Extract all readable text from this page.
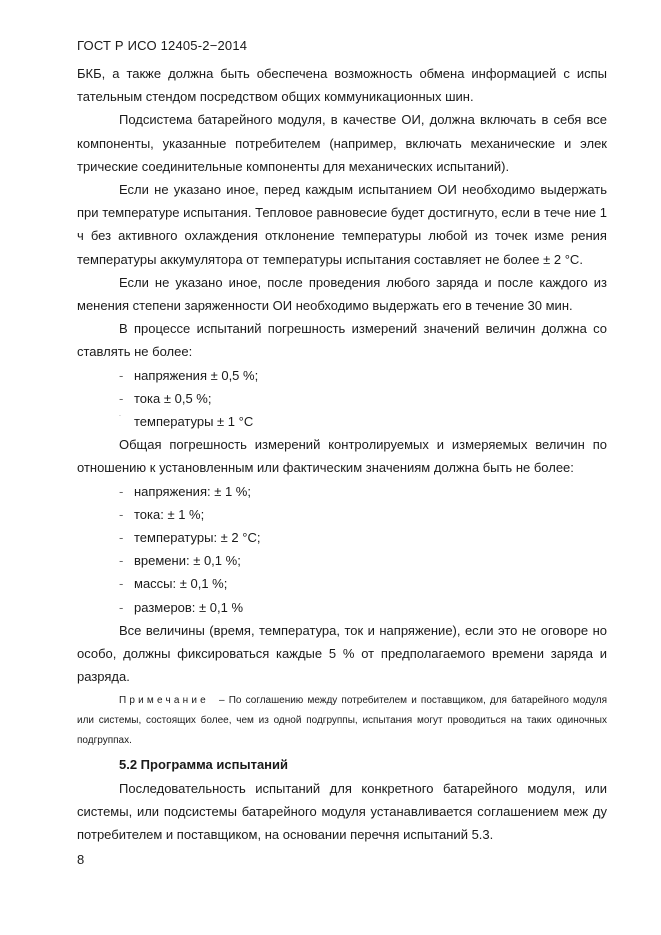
ГОСТ Р ИСО 12405-2−2014

БКБ, а также должна быть обеспечена возможность обмена информацией с испы тательным стендом посредством общих коммуникационных шин.

Подсистема батарейного модуля, в качестве ОИ, должна включать в себя все компоненты, указанные потребителем (например, включать механические и элек трические соединительные компоненты для механических испытаний).

Если не указано иное, перед каждым испытанием ОИ необходимо выдержать при температуре испытания. Тепловое равновесие будет достигнуто, если в тече ние 1 ч без активного охлаждения отклонение температуры любой из точек изме рения температуры аккумулятора от температуры испытания составляет не более ± 2 °С.

Если не указано иное, после проведения любого заряда и после каждого из менения степени заряженности ОИ необходимо выдержать его в течение 30 мин.

В процессе испытаний погрешность измерений значений величин должна со ставлять не более:

- напряжения ± 0,5 %;

- тока ± 0,5 %;

˙ температуры ± 1 °С

Общая погрешность измерений контролируемых и измеряемых величин по отношению к установленным или фактическим значениям должна быть не более:

- напряжения: ± 1 %;

- тока: ± 1 %;

- температуры: ± 2 °С;

- времени: ± 0,1 %;

- массы: ± 0,1 %;

- размеров: ± 0,1 %

Все величины (время, температура, ток и напряжение), если это не оговоре но особо, должны фиксироваться каждые 5 % от предполагаемого времени заряда и разряда.

Примечание – По соглашению между потребителем и поставщиком, для батарейного модуля или системы, состоящих более, чем из одной подгруппы, испытания могут проводиться на таких одиночных подгруппах.

5.2 Программа испытаний

Последовательность испытаний для конкретного батарейного модуля, или системы, или подсистемы батарейного модуля устанавливается соглашением меж ду потребителем и поставщиком, на основании перечня испытаний 5.3.

8
